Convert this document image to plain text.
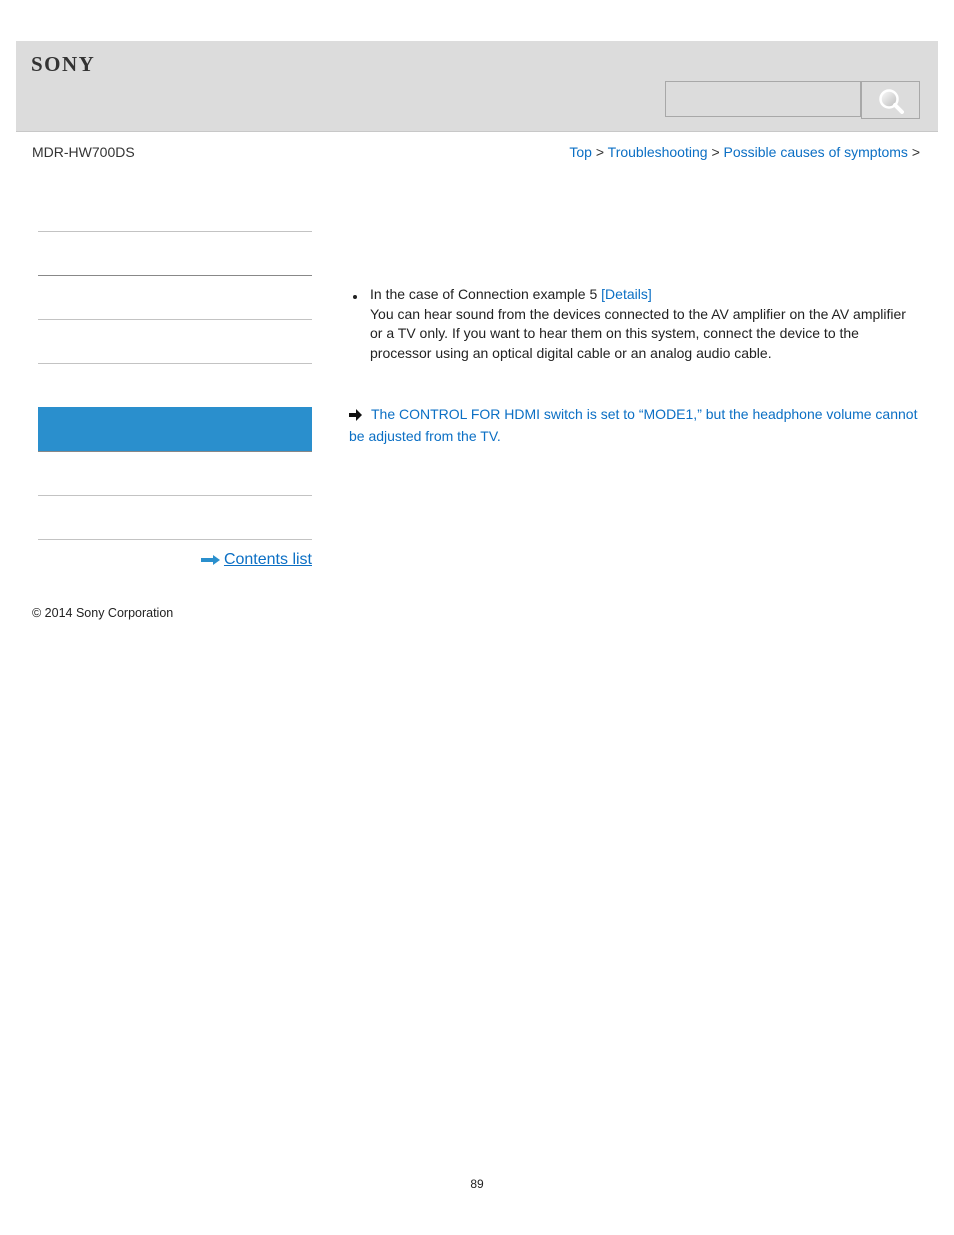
SONY
MDR-HW700DS	Top > Troubleshooting > Possible causes of symptoms >
Contents list
In the case of Connection example 5 [Details]
You can hear sound from the devices connected to the AV amplifier on the AV amplifier or a TV only. If you want to hear them on this system, connect the device to the processor using an optical digital cable or an analog audio cable.
The CONTROL FOR HDMI switch is set to “MODE1,” but the headphone volume cannot be adjusted from the TV.
© 2014 Sony Corporation
89
